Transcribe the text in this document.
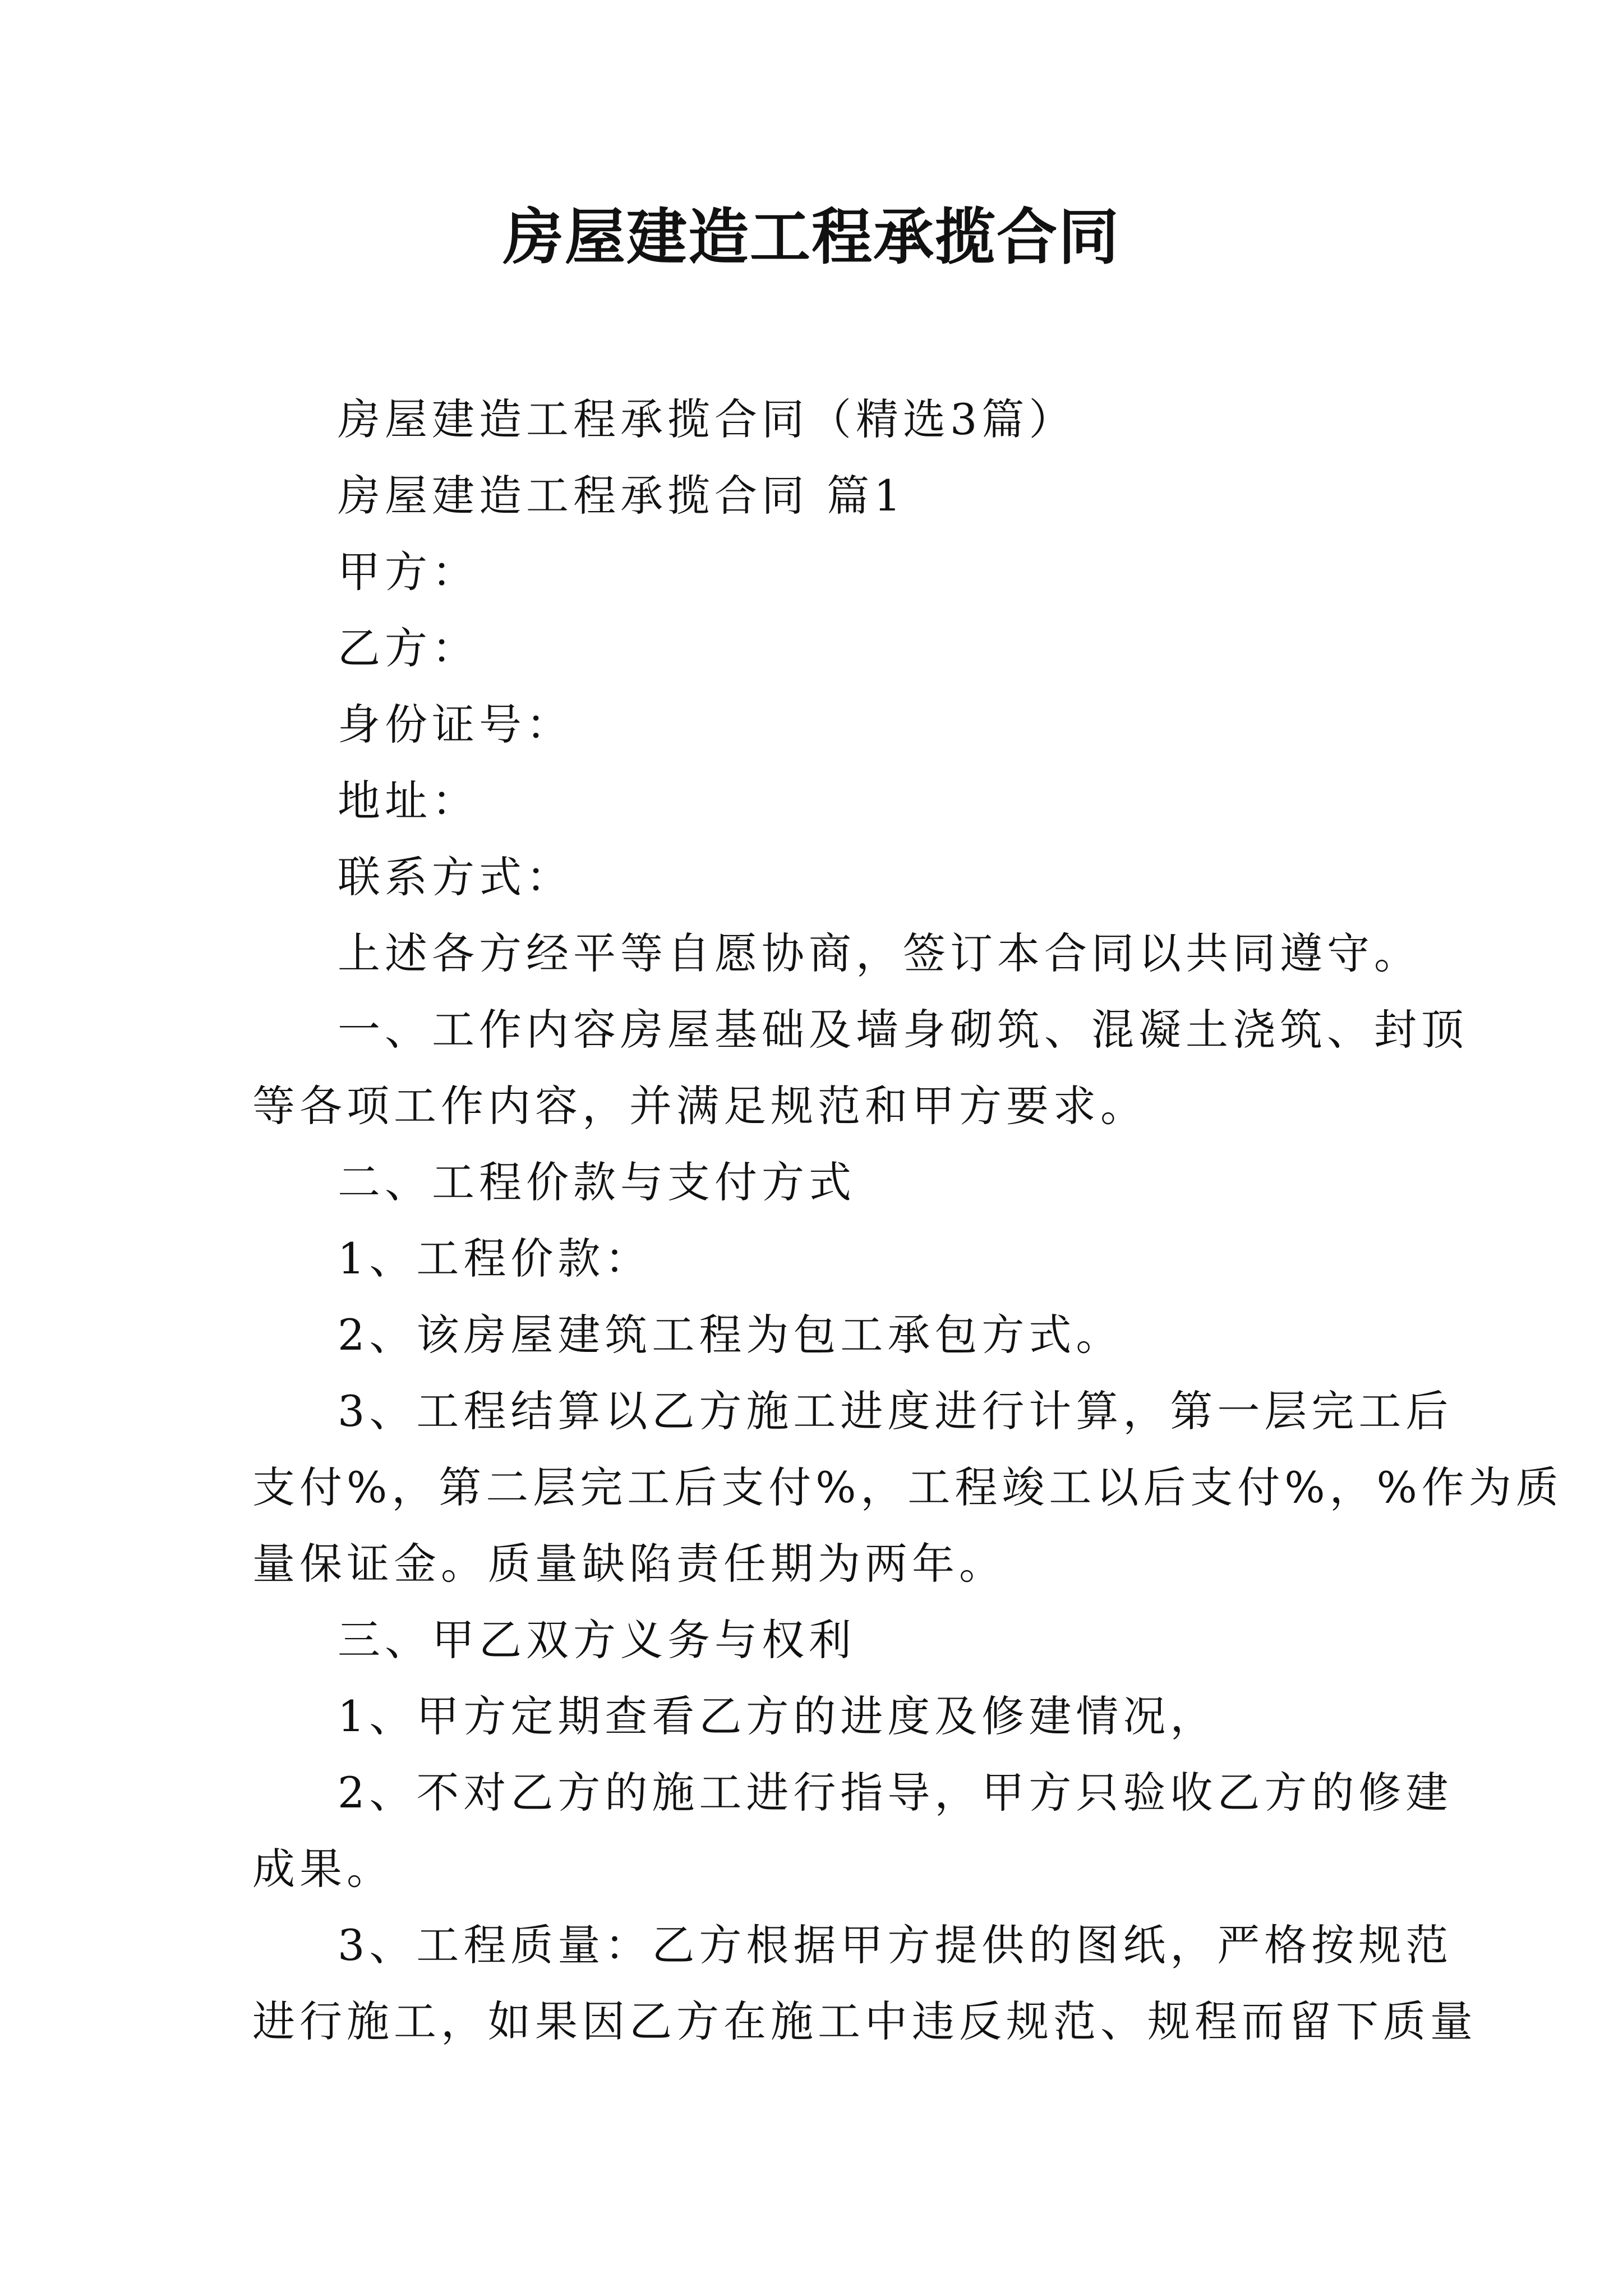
房屋建造工程承揽合同
房屋建造工程承揽合同（精选3篇）
房屋建造工程承揽合同 篇1
甲方：
乙方：
身份证号：
地址：
联系方式：
上述各方经平等自愿协商，签订本合同以共同遵守。
一、工作内容房屋基础及墙身砌筑、混凝土浇筑、封顶
等各项工作内容，并满足规范和甲方要求。
二、工程价款与支付方式
1、工程价款：
2、该房屋建筑工程为包工承包方式。
3、工程结算以乙方施工进度进行计算，第一层完工后
支付%，第二层完工后支付%，工程竣工以后支付%，%作为质
量保证金。质量缺陷责任期为两年。
三、甲乙双方义务与权利
1、甲方定期查看乙方的进度及修建情况，
2、不对乙方的施工进行指导，甲方只验收乙方的修建
成果。
3、工程质量：乙方根据甲方提供的图纸，严格按规范
进行施工，如果因乙方在施工中违反规范、规程而留下质量
